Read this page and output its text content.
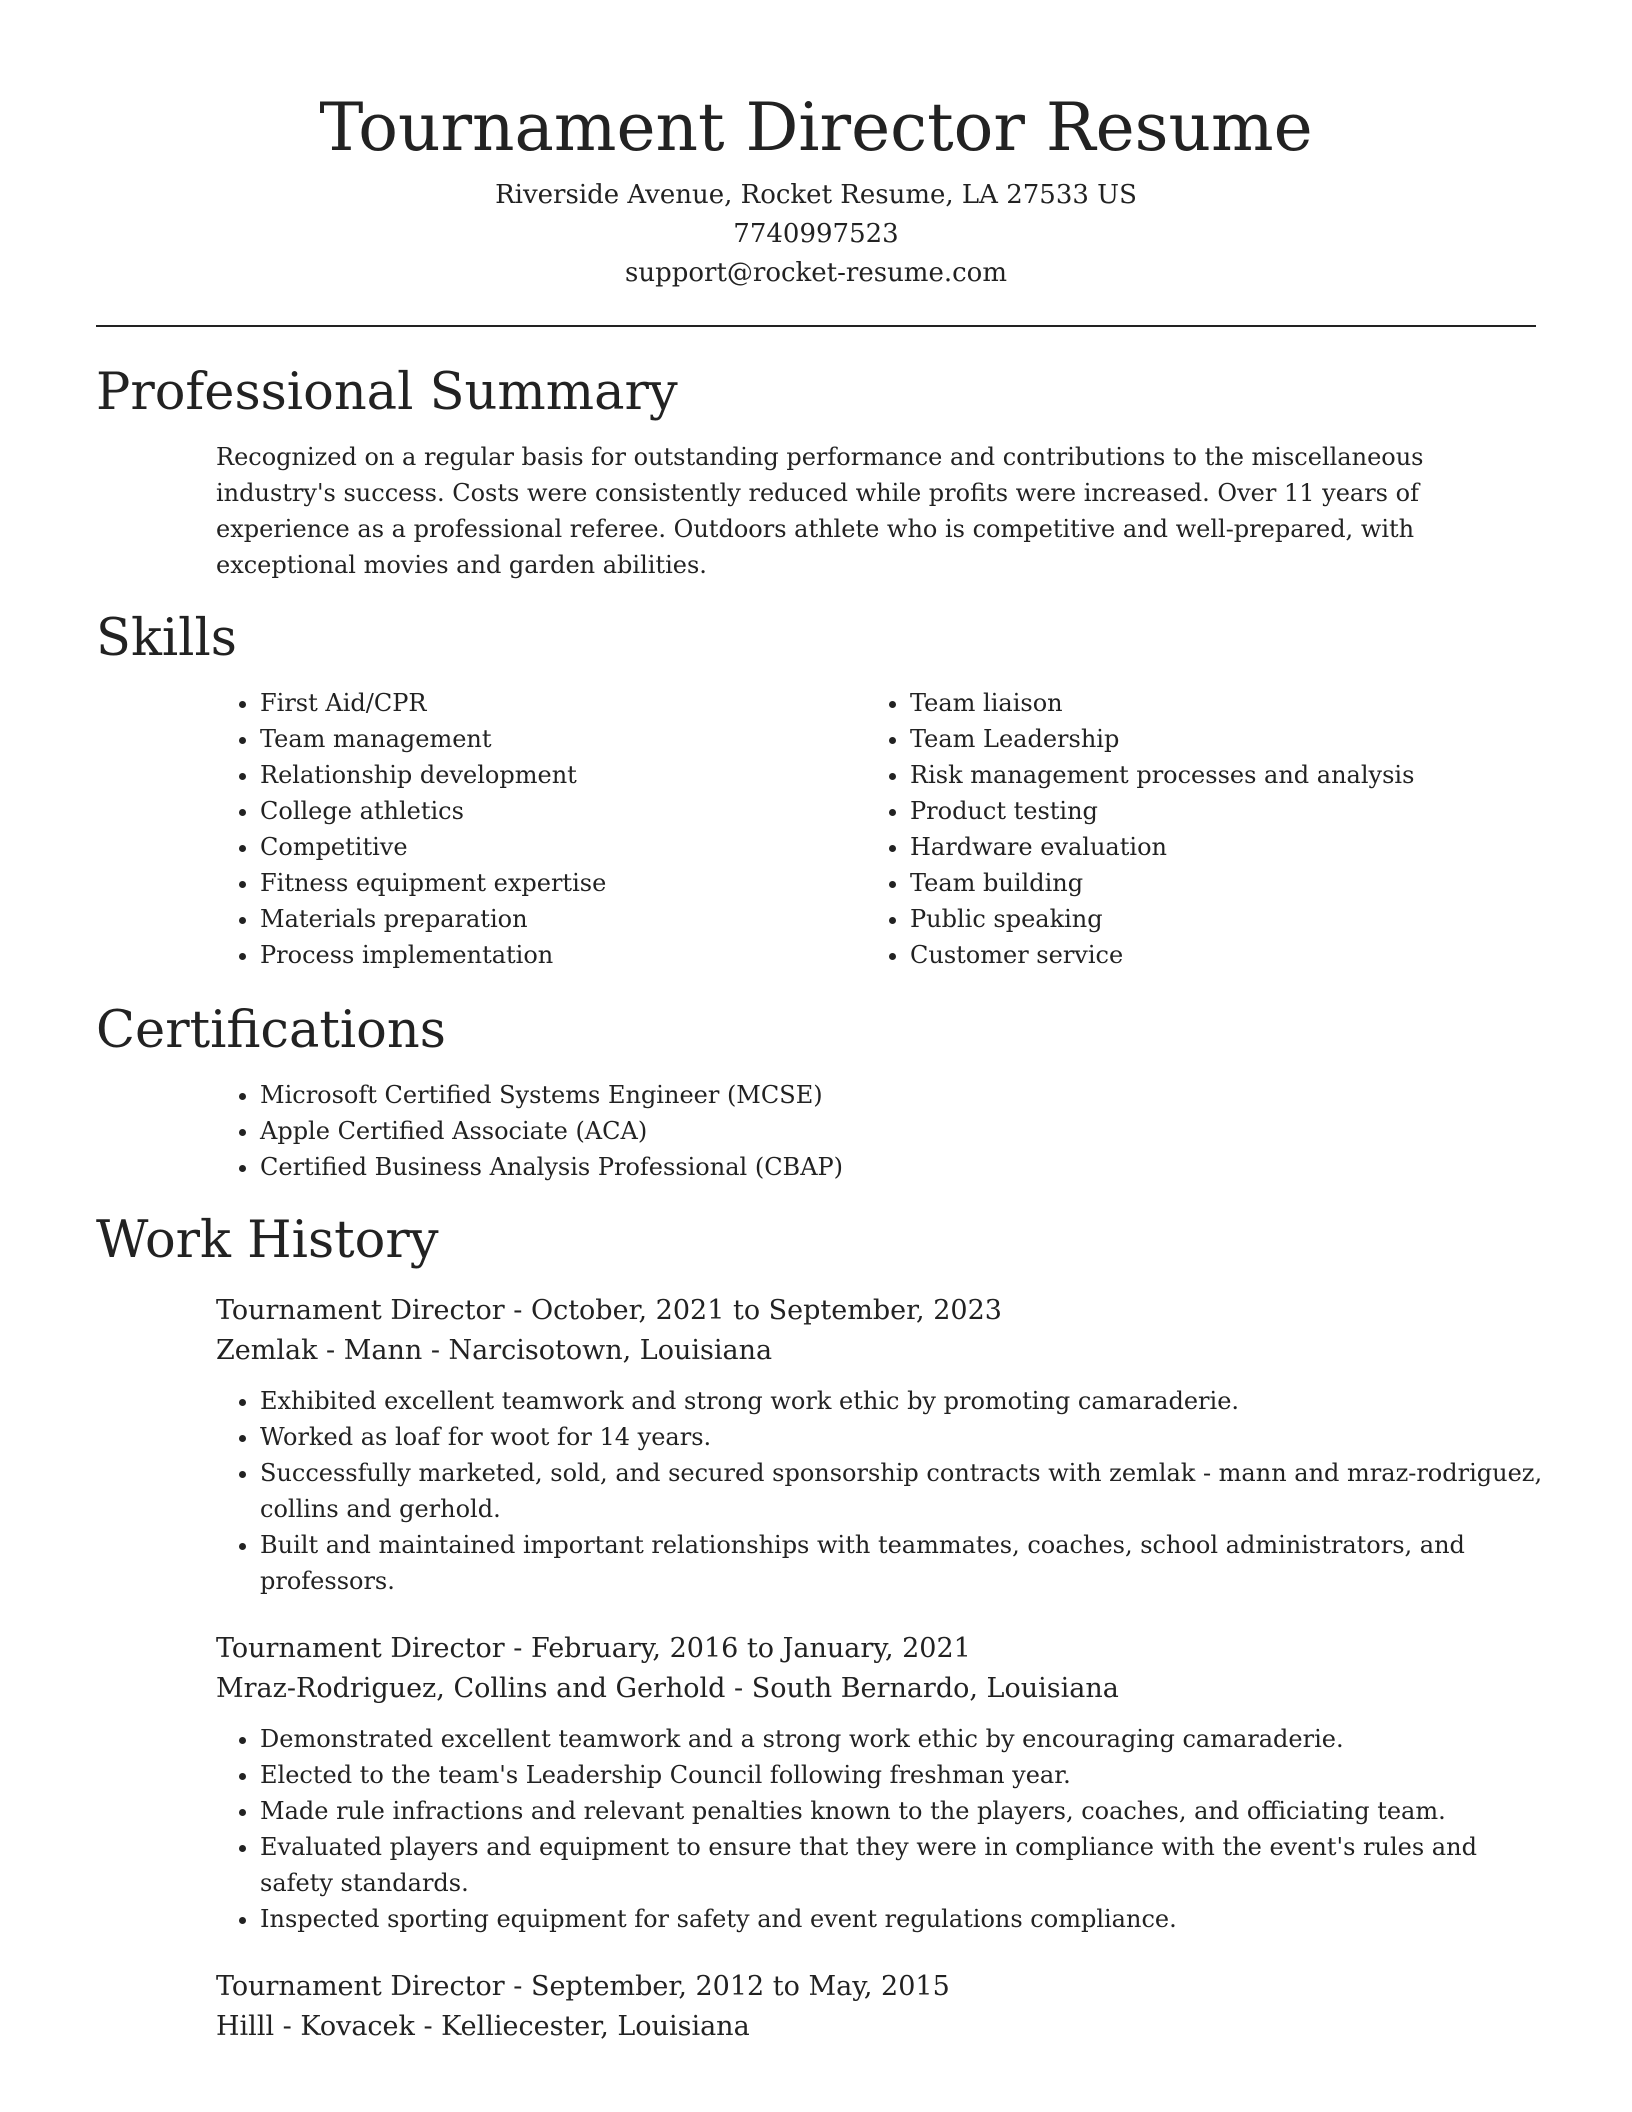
Tournament Director Resume
Riverside Avenue, Rocket Resume, LA 27533 US
7740997523
support@rocket-resume.com
Professional Summary

Recognized on a regular basis for outstanding performance and contributions to the miscellaneous industry's success. Costs were consistently reduced while profits were increased. Over 11 years of experience as a professional referee. Outdoors athlete who is competitive and well-prepared, with exceptional movies and garden abilities.

Skills
• First Aid/CPR
• Team management
• Relationship development
• College athletics
• Competitive
• Fitness equipment expertise
• Materials preparation
• Process implementation
• Team liaison
• Team Leadership
• Risk management processes and analysis
• Product testing
• Hardware evaluation
• Team building
• Public speaking
• Customer service
Certifications
• Microsoft Certified Systems Engineer (MCSE)
• Apple Certified Associate (ACA)
• Certified Business Analysis Professional (CBAP)
Work History
Tournament Director - October, 2021 to September, 2023
Zemlak - Mann - Narcisotown, Louisiana
• Exhibited excellent teamwork and strong work ethic by promoting camaraderie.
• Worked as loaf for woot for 14 years.
• Successfully marketed, sold, and secured sponsorship contracts with zemlak - mann and mraz-rodriguez, collins and gerhold.
• Built and maintained important relationships with teammates, coaches, school administrators, and professors.
Tournament Director - February, 2016 to January, 2021
Mraz-Rodriguez, Collins and Gerhold - South Bernardo, Louisiana
• Demonstrated excellent teamwork and a strong work ethic by encouraging camaraderie.
• Elected to the team's Leadership Council following freshman year.
• Made rule infractions and relevant penalties known to the players, coaches, and officiating team.
• Evaluated players and equipment to ensure that they were in compliance with the event's rules and safety standards.
• Inspected sporting equipment for safety and event regulations compliance.
Tournament Director - September, 2012 to May, 2015
Hilll - Kovacek - Kelliecester, Louisiana
